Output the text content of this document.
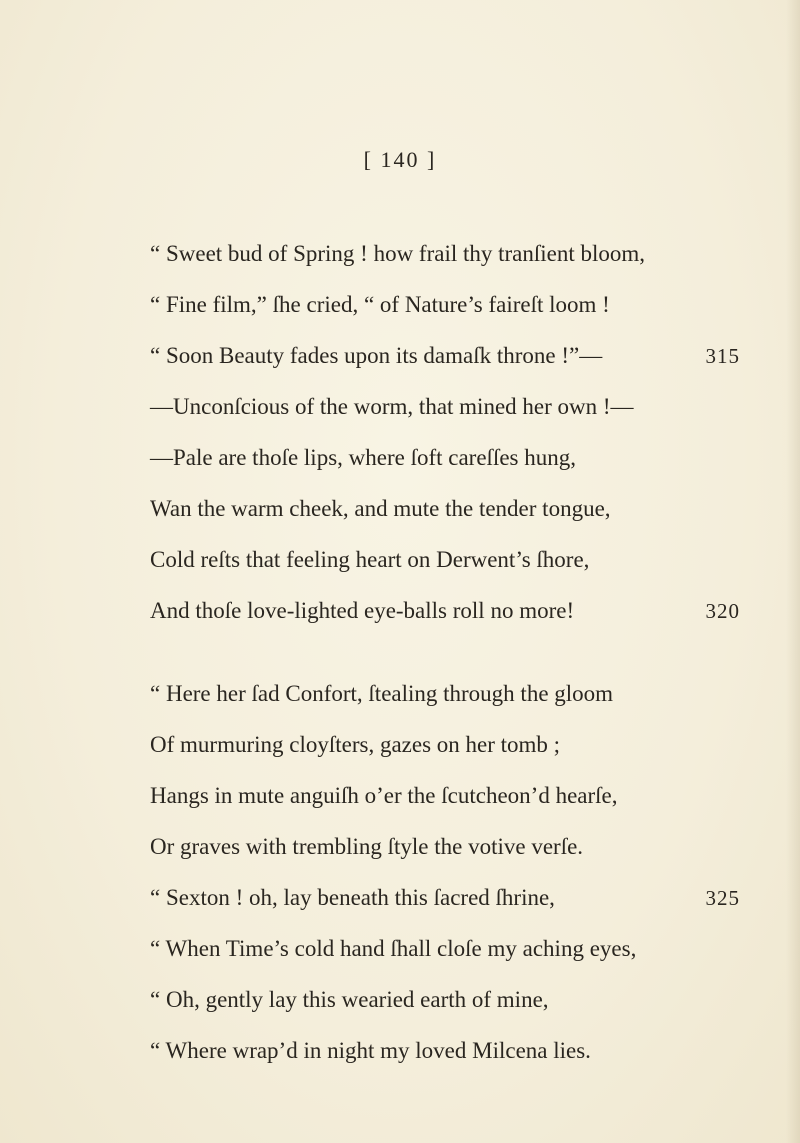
[ 140 ]
“ Sweet bud of Spring ! how frail thy tranſient bloom,
“ Fine film,” ſhe cried, “ of Nature’s faireſt loom !
“ Soon Beauty fades upon its damaſk throne !”—	315
—Unconſcious of the worm, that mined her own !—
—Pale are thoſe lips, where ſoft careſſes hung,
Wan the warm cheek, and mute the tender tongue,
Cold reſts that feeling heart on Derwent’s ſhore,
And thoſe love-lighted eye-balls roll no more!	320
“ Here her ſad Confort, ſtealing through the gloom
Of murmuring cloyſters, gazes on her tomb ;
Hangs in mute anguiſh o’er the ſcutcheon’d hearſe,
Or graves with trembling ſtyle the votive verſe.
“ Sexton ! oh, lay beneath this ſacred ſhrine,	325
“ When Time’s cold hand ſhall cloſe my aching eyes,
“ Oh, gently lay this wearied earth of mine,
“ Where wrap’d in night my loved Milcena lies.
